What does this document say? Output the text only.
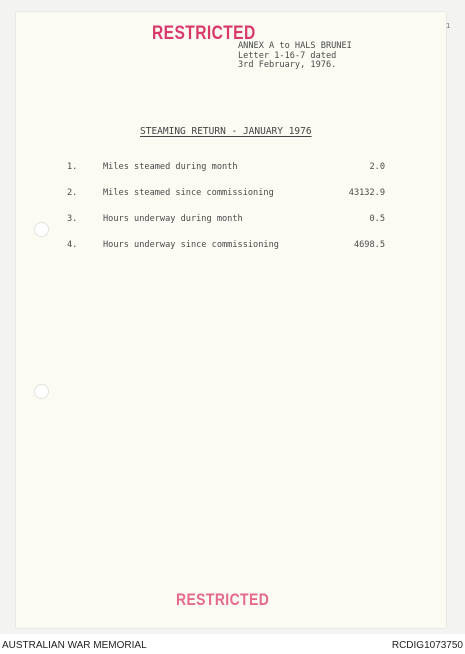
RESTRICTED
ANNEX A to HALS BRUNEI
Letter 1-16-7 dated
3rd February, 1976.
STEAMING RETURN - JANUARY 1976
1.	Miles steamed during month	2.0
2.	Miles steamed since commissioning	43132.9
3.	Hours underway during month	0.5
4.	Hours underway since commissioning	4698.5
1
RESTRICTED
AUSTRALIAN WAR MEMORIAL	RCDIG1073750
